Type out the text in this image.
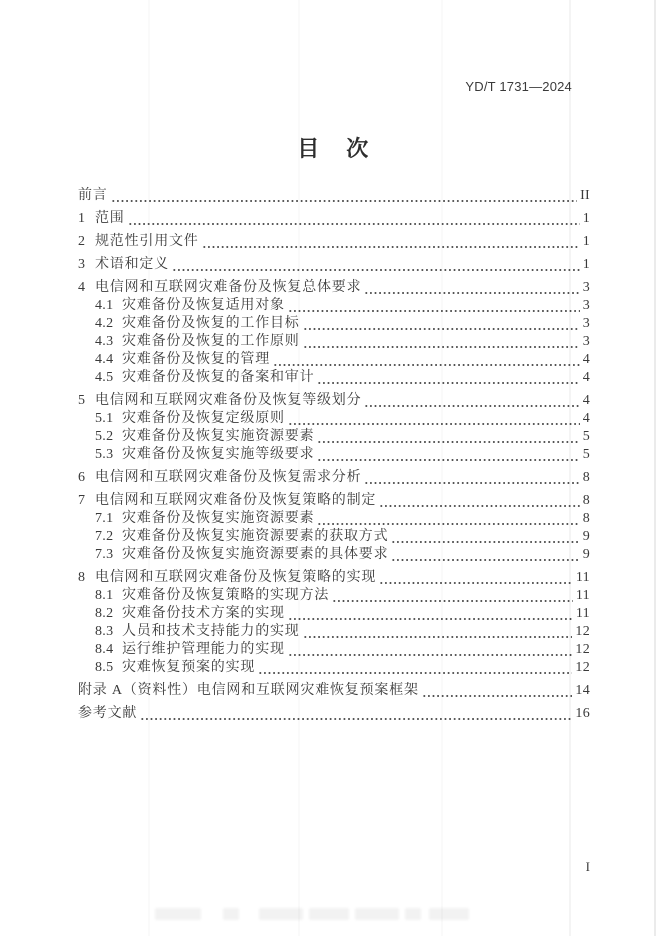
YD/T 1731—2024
目　次
前言	II
1 范围	1
2 规范性引用文件	1
3 术语和定义	1
4 电信网和互联网灾难备份及恢复总体要求	3
4.1 灾难备份及恢复适用对象	3
4.2 灾难备份及恢复的工作目标	3
4.3 灾难备份及恢复的工作原则	3
4.4 灾难备份及恢复的管理	4
4.5 灾难备份及恢复的备案和审计	4
5 电信网和互联网灾难备份及恢复等级划分	4
5.1 灾难备份及恢复定级原则	4
5.2 灾难备份及恢复实施资源要素	5
5.3 灾难备份及恢复实施等级要求	5
6 电信网和互联网灾难备份及恢复需求分析	8
7 电信网和互联网灾难备份及恢复策略的制定	8
7.1 灾难备份及恢复实施资源要素	8
7.2 灾难备份及恢复实施资源要素的获取方式	9
7.3 灾难备份及恢复实施资源要素的具体要求	9
8 电信网和互联网灾难备份及恢复策略的实现	11
8.1 灾难备份及恢复策略的实现方法	11
8.2 灾难备份技术方案的实现	11
8.3 人员和技术支持能力的实现	12
8.4 运行维护管理能力的实现	12
8.5 灾难恢复预案的实现	12
附录 A（资料性）电信网和互联网灾难恢复预案框架	14
参考文献	16
I
